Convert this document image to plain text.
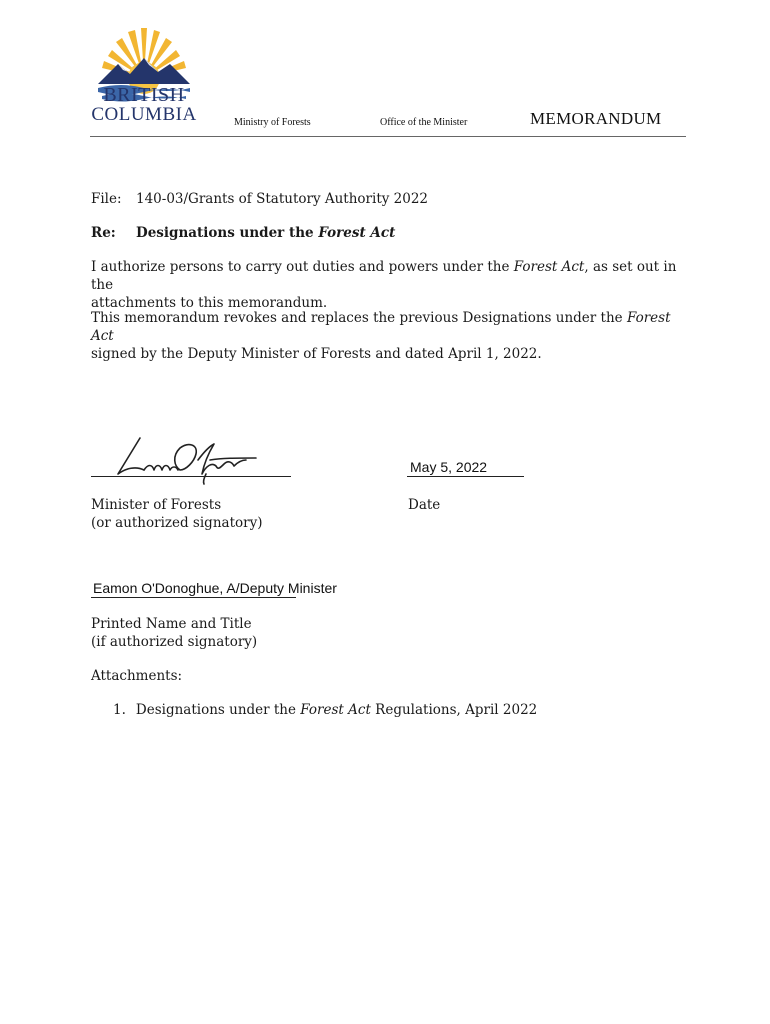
BRITISH
COLUMBIA	Ministry of Forests	Office of the Minister	MEMORANDUM
File: 140-03/Grants of Statutory Authority 2022
Re: Designations under the Forest Act
I authorize persons to carry out duties and powers under the Forest Act, as set out in the
attachments to this memorandum.
This memorandum revokes and replaces the previous Designations under the Forest Act
signed by the Deputy Minister of Forests and dated April 1, 2022.
May 5, 2022
Minister of Forests
(or authorized signatory)
Date
Eamon O'Donoghue, A/Deputy Minister
Printed Name and Title
(if authorized signatory)
Attachments:
1. Designations under the Forest Act Regulations, April 2022
